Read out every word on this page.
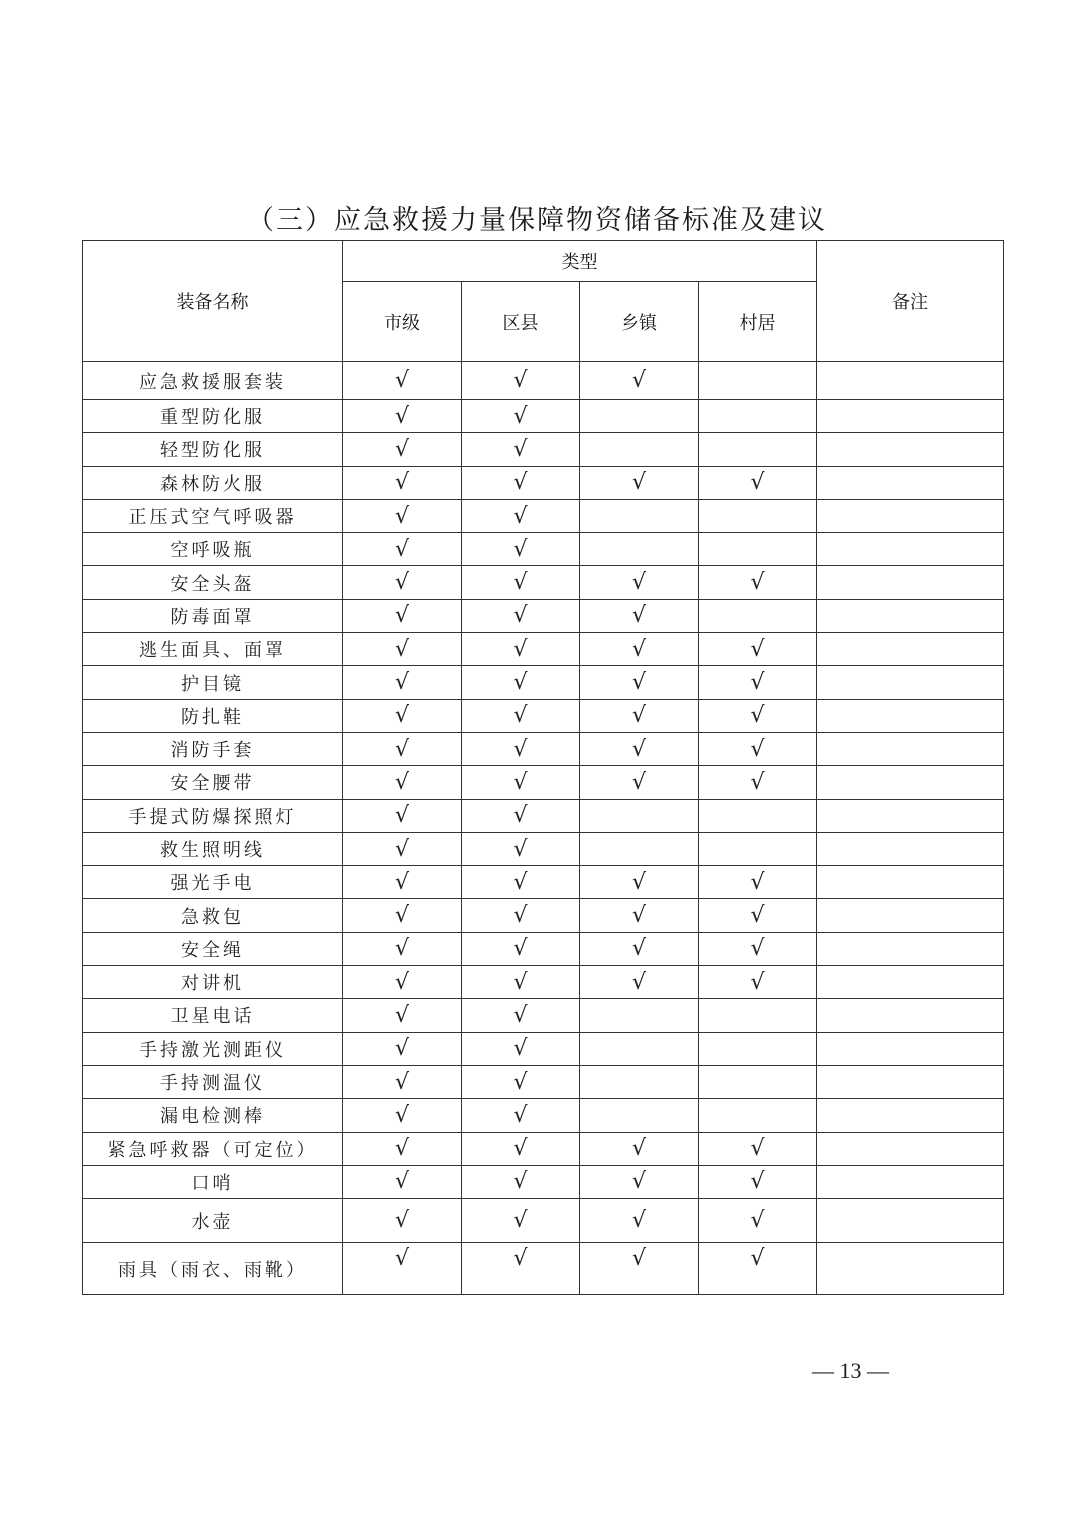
（三）应急救援力量保障物资储备标准及建议
装备名称	类型				备注
	市级	区县	乡镇	村居	
应急救援服套装	√	√	√		
重型防化服	√	√			
轻型防化服	√	√			
森林防火服	√	√	√	√	
正压式空气呼吸器	√	√			
空呼吸瓶	√	√			
安全头盔	√	√	√	√	
防毒面罩	√	√	√		
逃生面具、面罩	√	√	√	√	
护目镜	√	√	√	√	
防扎鞋	√	√	√	√	
消防手套	√	√	√	√	
安全腰带	√	√	√	√	
手提式防爆探照灯	√	√			
救生照明线	√	√			
强光手电	√	√	√	√	
急救包	√	√	√	√	
安全绳	√	√	√	√	
对讲机	√	√	√	√	
卫星电话	√	√			
手持激光测距仪	√	√			
手持测温仪	√	√			
漏电检测棒	√	√			
紧急呼救器（可定位）	√	√	√	√	
口哨	√	√	√	√	
水壶	√	√	√	√	
雨具（雨衣、雨靴）	√	√	√	√	
— 13 —
